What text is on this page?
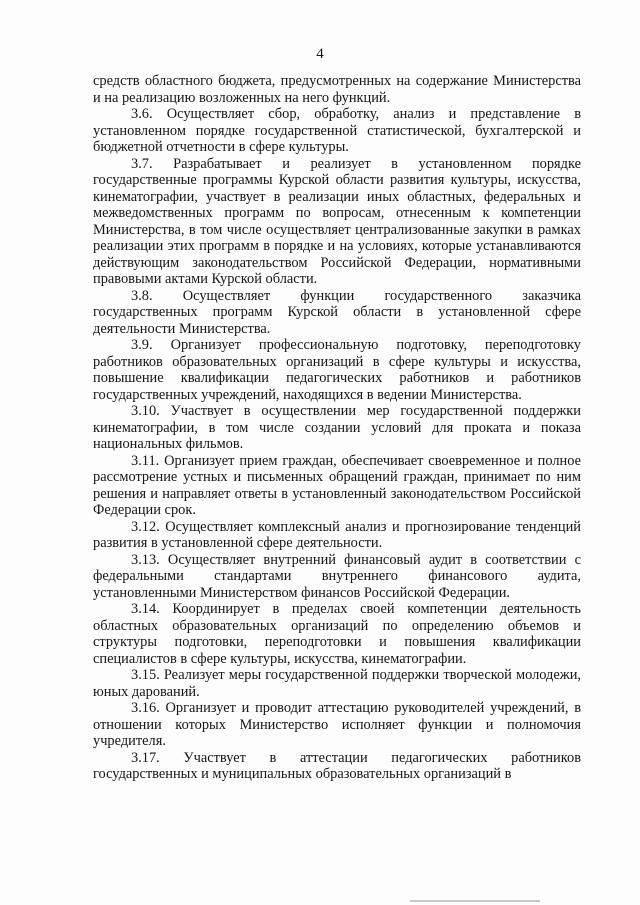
4

средств областного бюджета, предусмотренных на содержание Министерства и на реализацию возложенных на него функций.

3.6. Осуществляет сбор, обработку, анализ и представление в установленном порядке государственной статистической, бухгалтерской и бюджетной отчетности в сфере культуры.

3.7. Разрабатывает и реализует в установленном порядке государственные программы Курской области развития культуры, искусства, кинематографии, участвует в реализации иных областных, федеральных и межведомственных программ по вопросам, отнесенным к компетенции Министерства, в том числе осуществляет централизованные закупки в рамках реализации этих программ в порядке и на условиях, которые устанавливаются действующим законодательством Российской Федерации, нормативными правовыми актами Курской области.

3.8. Осуществляет функции государственного заказчика государственных программ Курской области в установленной сфере деятельности Министерства.

3.9. Организует профессиональную подготовку, переподготовку работников образовательных организаций в сфере культуры и искусства, повышение квалификации педагогических работников и работников государственных учреждений, находящихся в ведении Министерства.

3.10. Участвует в осуществлении мер государственной поддержки кинематографии, в том числе создании условий для проката и показа национальных фильмов.

3.11. Организует прием граждан, обеспечивает своевременное и полное рассмотрение устных и письменных обращений граждан, принимает по ним решения и направляет ответы в установленный законодательством Российской Федерации срок.

3.12. Осуществляет комплексный анализ и прогнозирование тенденций развития в установленной сфере деятельности.

3.13. Осуществляет внутренний финансовый аудит в соответствии с федеральными стандартами внутреннего финансового аудита, установленными Министерством финансов Российской Федерации.

3.14. Координирует в пределах своей компетенции деятельность областных образовательных организаций по определению объемов и структуры подготовки, переподготовки и повышения квалификации специалистов в сфере культуры, искусства, кинематографии.

3.15. Реализует меры государственной поддержки творческой молодежи, юных дарований.

3.16. Организует и проводит аттестацию руководителей учреждений, в отношении которых Министерство исполняет функции и полномочия учредителя.

3.17. Участвует в аттестации педагогических работников государственных и муниципальных образовательных организаций в
